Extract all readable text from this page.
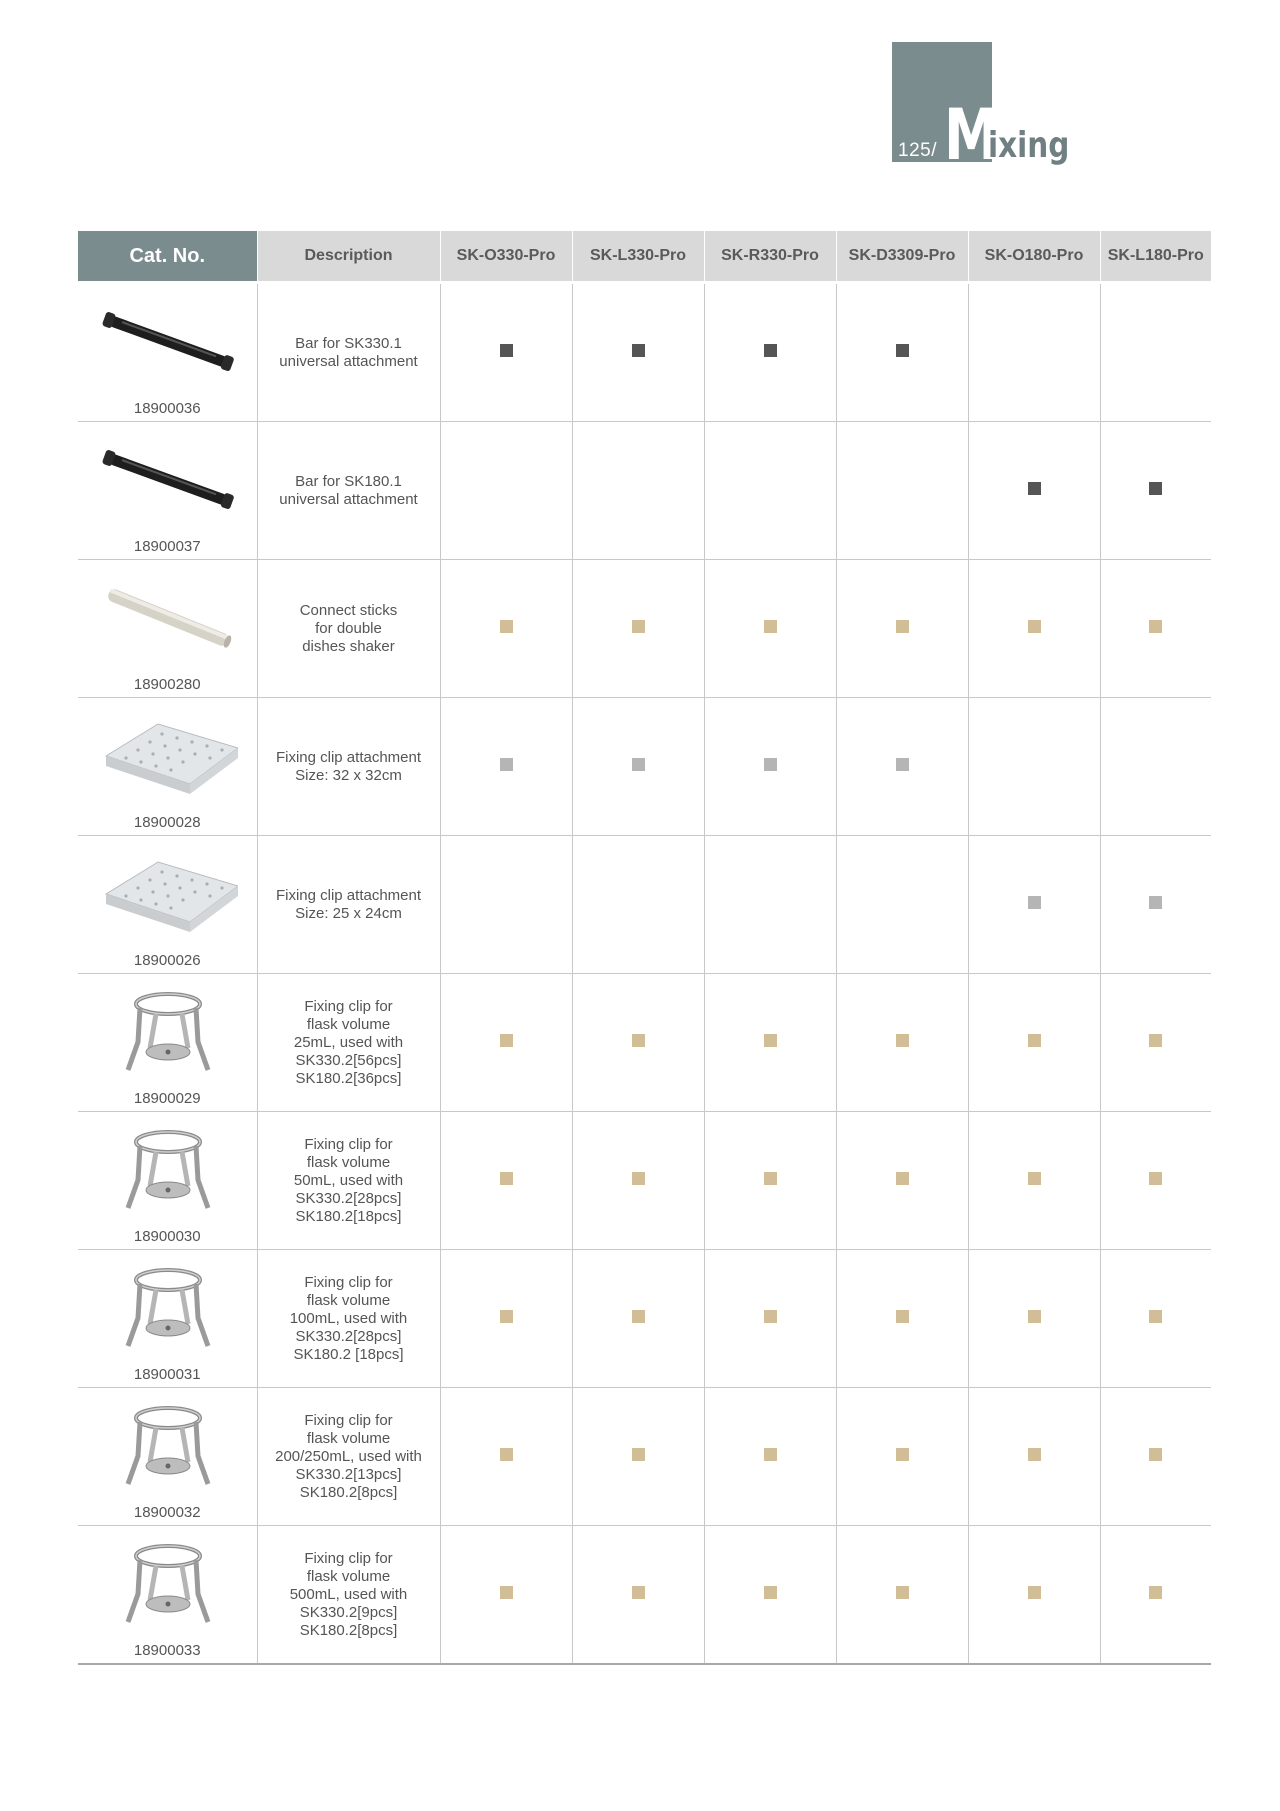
125/ M
ixing
Cat. No.	Description	SK-O330-Pro	SK-L330-Pro	SK-R330-Pro	SK-D3309-Pro	SK-O180-Pro	SK-L180-Pro

18900036	Bar for SK330.1
universal attachment						

18900037	Bar for SK180.1
universal attachment						

18900280	Connect sticks
for double
dishes shaker						

18900028	Fixing clip attachment
Size: 32 x 32cm						

18900026	Fixing clip attachment
Size: 25 x 24cm						

18900029	Fixing clip for
flask volume
25mL, used with
SK330.2[56pcs]
SK180.2[36pcs]						

18900030	Fixing clip for
flask volume
50mL, used with
SK330.2[28pcs]
SK180.2[18pcs]						

18900031	Fixing clip for
flask volume
100mL, used with
SK330.2[28pcs]
SK180.2 [18pcs]						

18900032	Fixing clip for
flask volume
200/250mL, used with
SK330.2[13pcs]
SK180.2[8pcs]						

18900033	Fixing clip for
flask volume
500mL, used with
SK330.2[9pcs]
SK180.2[8pcs]						
